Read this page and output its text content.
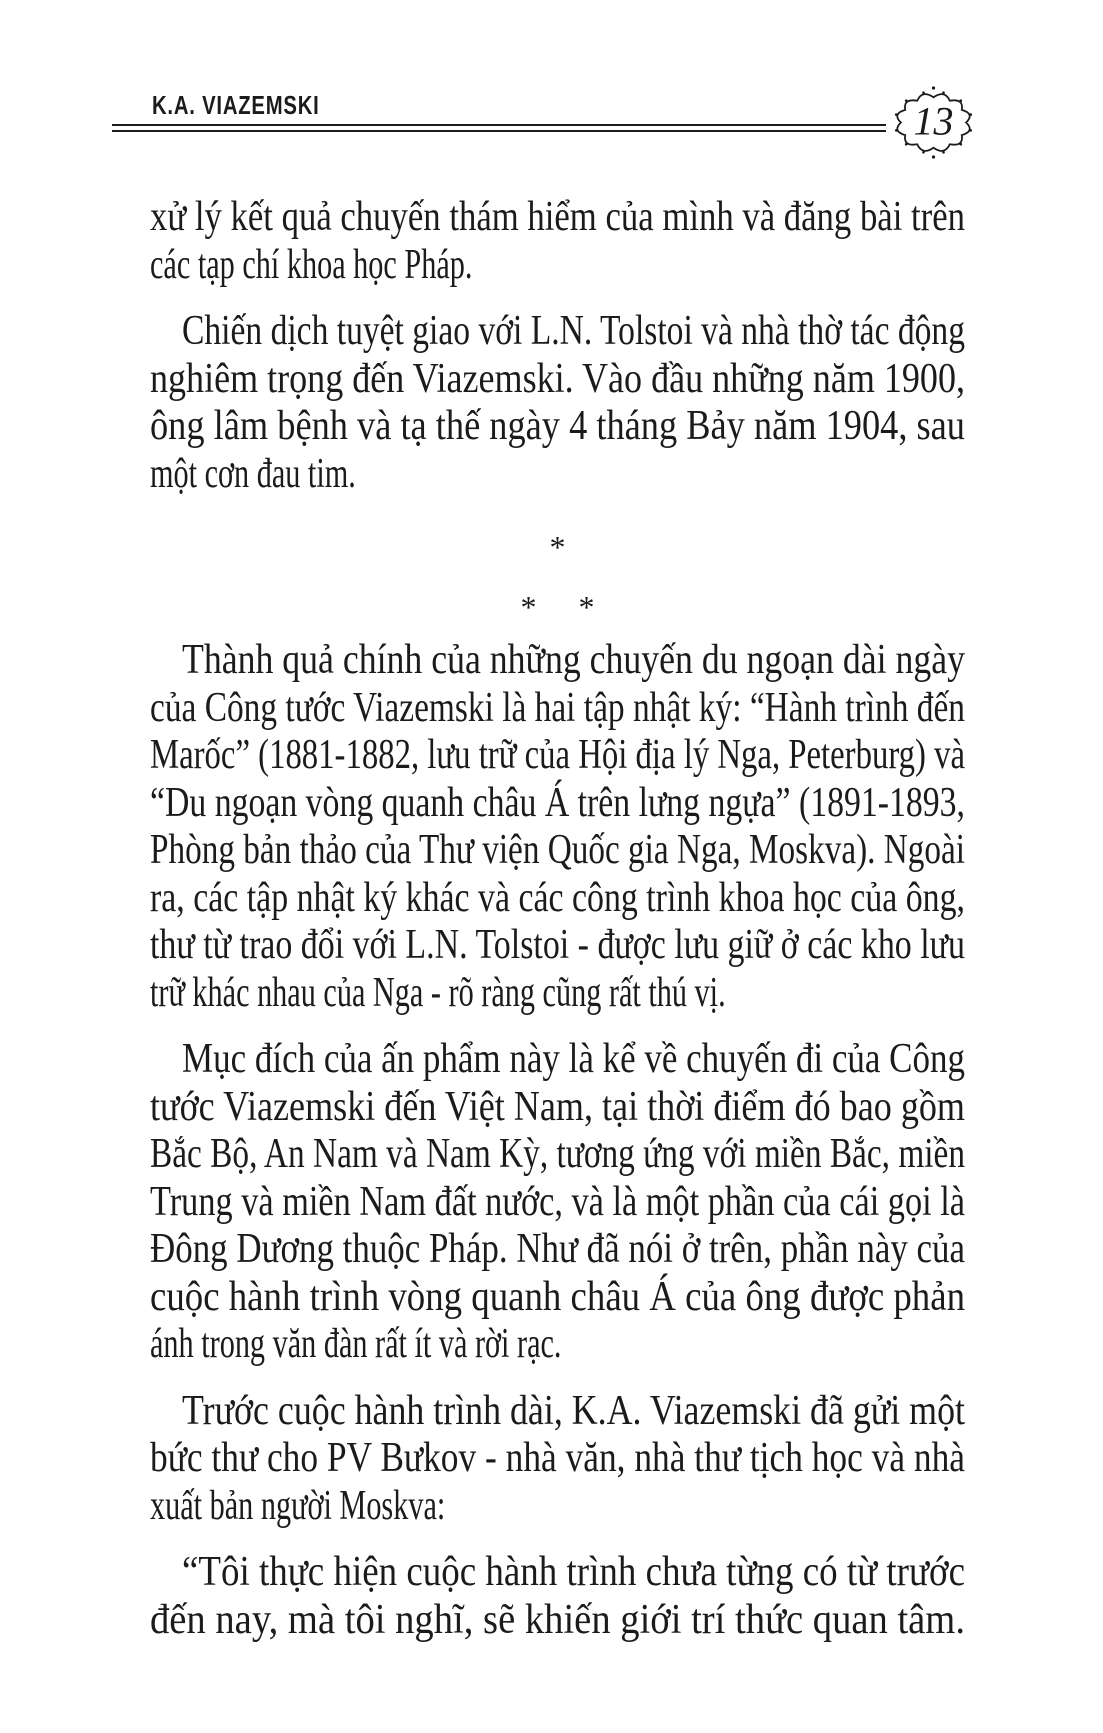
K.A. VIAZEMSKI	13

xử lý kết quả chuyến thám hiểm của mình và đăng bài trên
các tạp chí khoa học Pháp.

Chiến dịch tuyệt giao với L.N. Tolstoi và nhà thờ tác động
nghiêm trọng đến Viazemski. Vào đầu những năm 1900,
ông lâm bệnh và tạ thế ngày 4 tháng Bảy năm 1904, sau
một cơn đau tim.

*
* *

Thành quả chính của những chuyến du ngoạn dài ngày
của Công tước Viazemski là hai tập nhật ký: “Hành trình đến
Marốc” (1881-1882, lưu trữ của Hội địa lý Nga, Peterburg) và
“Du ngoạn vòng quanh châu Á trên lưng ngựa” (1891-1893,
Phòng bản thảo của Thư viện Quốc gia Nga, Moskva). Ngoài
ra, các tập nhật ký khác và các công trình khoa học của ông,
thư từ trao đổi với L.N. Tolstoi - được lưu giữ ở các kho lưu
trữ khác nhau của Nga - rõ ràng cũng rất thú vị.

Mục đích của ấn phẩm này là kể về chuyến đi của Công
tước Viazemski đến Việt Nam, tại thời điểm đó bao gồm
Bắc Bộ, An Nam và Nam Kỳ, tương ứng với miền Bắc, miền
Trung và miền Nam đất nước, và là một phần của cái gọi là
Đông Dương thuộc Pháp. Như đã nói ở trên, phần này của
cuộc hành trình vòng quanh châu Á của ông được phản
ánh trong văn đàn rất ít và rời rạc.

Trước cuộc hành trình dài, K.A. Viazemski đã gửi một
bức thư cho PV Bưkov - nhà văn, nhà thư tịch học và nhà
xuất bản người Moskva:

“Tôi thực hiện cuộc hành trình chưa từng có từ trước
đến nay, mà tôi nghĩ, sẽ khiến giới trí thức quan tâm.
